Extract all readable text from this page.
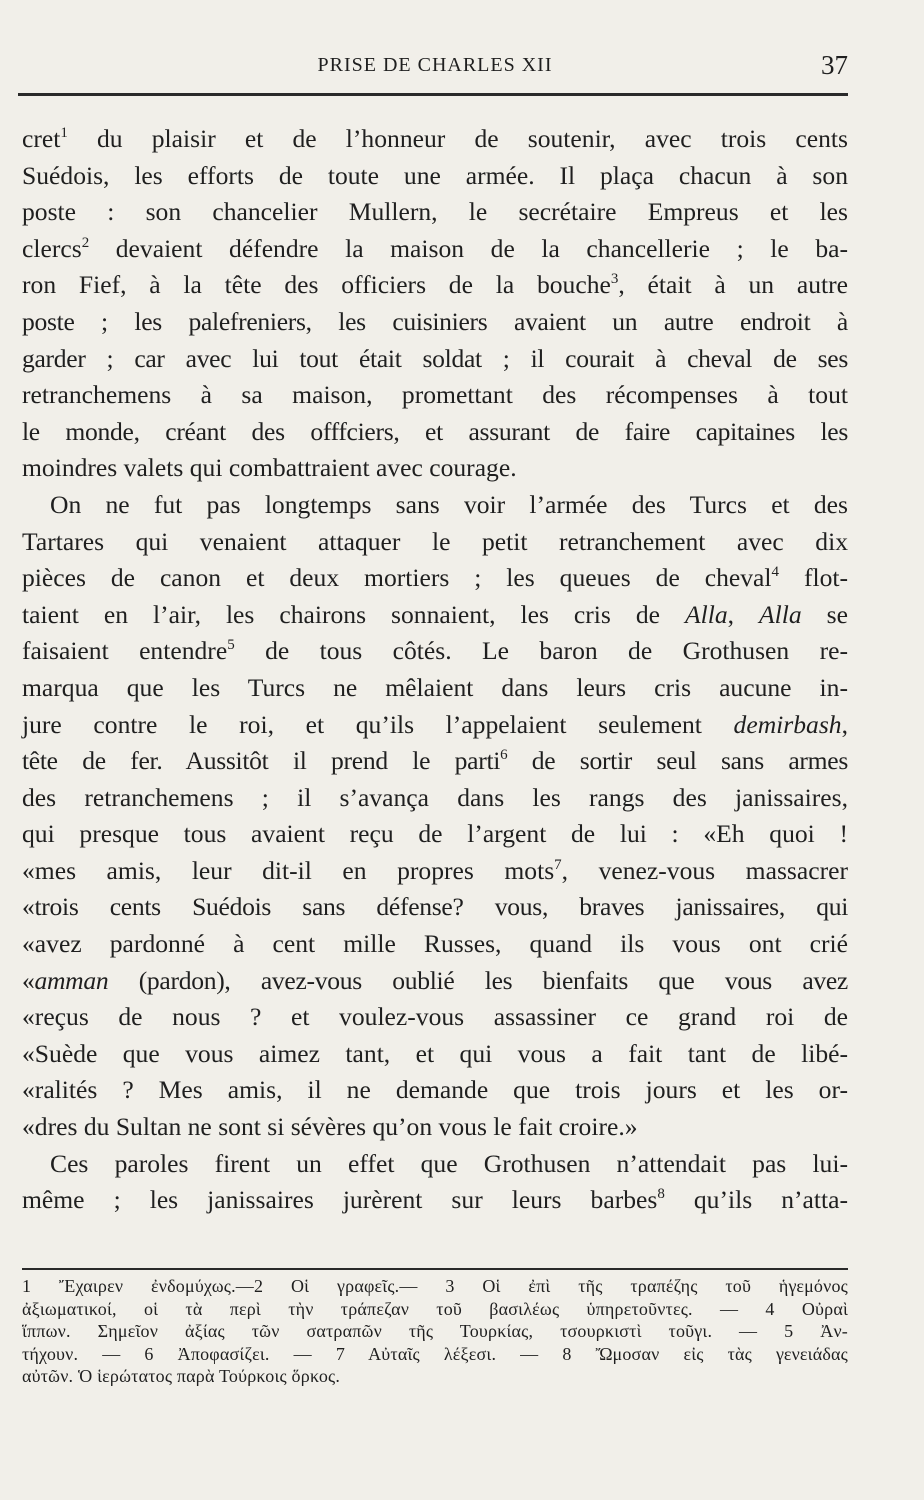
PRISE DE CHARLES XII	37

cret$^1$ du plaisir et de l’honneur de soutenir, avec trois cents

Suédois, les efforts de toute une armée. Il plaça chacun à son

poste : son chancelier Mullern, le secrétaire Empreus et les

clercs$^2$ devaient défendre la maison de la chancellerie ; le ba-

ron Fief, à la tête des officiers de la bouche$^3$, était à un autre

poste ; les palefreniers, les cuisiniers avaient un autre endroit à

garder ; car avec lui tout était soldat ; il courait à cheval de ses

retranchemens à sa maison, promettant des récompenses à tout

le monde, créant des offfciers, et assurant de faire capitaines les

moindres valets qui combattraient avec courage.

On ne fut pas longtemps sans voir l’armée des Turcs et des

Tartares qui venaient attaquer le petit retranchement avec dix

pièces de canon et deux mortiers ; les queues de cheval$^4$ flot-

taient en l’air, les chairons sonnaient, les cris de Alla, Alla se

faisaient entendre$^5$ de tous côtés. Le baron de Grothusen re-

marqua que les Turcs ne mêlaient dans leurs cris aucune in-

jure contre le roi, et qu’ils l’appelaient seulement demirbash,

tête de fer. Aussitôt il prend le parti$^6$ de sortir seul sans armes

des retranchemens ; il s’avança dans les rangs des janissaires,

qui presque tous avaient reçu de l’argent de lui : «Eh quoi !

«mes amis, leur dit-il en propres mots$^7$, venez-vous massacrer

«trois cents Suédois sans défense? vous, braves janissaires, qui

«avez pardonné à cent mille Russes, quand ils vous ont crié

«amman (pardon), avez-vous oublié les bienfaits que vous avez

«reçus de nous ? et voulez-vous assassiner ce grand roi de

«Suède que vous aimez tant, et qui vous a fait tant de libé-

«ralités ? Mes amis, il ne demande que trois jours et les or-

«dres du Sultan ne sont si sévères qu’on vous le fait croire.»

Ces paroles firent un effet que Grothusen n’attendait pas lui-

même ; les janissaires jurèrent sur leurs barbes$^8$ qu’ils n’atta-

1 Ἔχαιρεν ἐνδομύχως.—2 Οἱ γραφεῖς.— 3 Οἱ ἐπὶ τῆς τραπέζης τοῦ ἡγεμόνος

ἀξιωματικοί, οἱ τὰ περὶ τὴν τράπεζαν τοῦ βασιλέως ὑπηρετοῦντες. — 4 Οὐραὶ

ἵππων. Σημεῖον ἀξίας τῶν σατραπῶν τῆς Τουρκίας, τσουρκιστὶ τοῦγι. — 5 Ἀν-

τήχουν. — 6 Ἀποφασίζει. — 7 Αὐταῖς λέξεσι. — 8 Ὤμοσαν εἰς τὰς γενειάδας

αὐτῶν. Ὁ ἱερώτατος παρὰ Τούρκοις ὅρκος.
